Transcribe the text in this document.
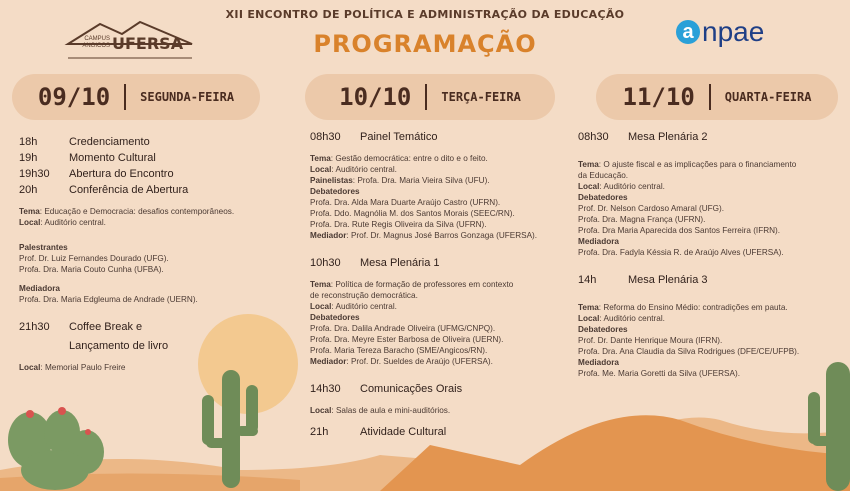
XII ENCONTRO DE POLÍTICA E ADMINISTRAÇÃO DA EDUCAÇÃO
PROGRAMAÇÃO
CAMPUS
ANGICOS UFERSA
a npae
09/10	SEGUNDA-FEIRA	10/10	TERÇA-FEIRA	11/10	QUARTA-FEIRA
18h	Credenciamento
19h	Momento Cultural
19h30	Abertura do Encontro
20h	Conferência de Abertura
Tema: Educação e Democracia: desafios contemporâneos.
Local: Auditório central.
Palestrantes
Prof. Dr. Luiz Fernandes Dourado (UFG).
Profa. Dra. Maria Couto Cunha (UFBA).
Mediadora
Profa. Dra. Maria Edgleuma de Andrade (UERN).
21h30	Coffee Break e
Lançamento de livro
Local: Memorial Paulo Freire
08h30	Painel Temático
Tema: Gestão democrática: entre o dito e o feito.
Local: Auditório central.
Painelistas: Profa. Dra. Maria Vieira Silva (UFU).
Debatedores
Profa. Dra. Alda Mara Duarte Araújo Castro (UFRN).
Profa. Ddo. Magnólia M. dos Santos Morais (SEEC/RN).
Profa. Dra. Rute Regis Oliveira da Silva (UFRN).
Mediador: Prof. Dr. Magnus José Barros Gonzaga (UFERSA).
10h30	Mesa Plenária 1
Tema: Política de formação de professores em contexto
de reconstrução democrática.
Local: Auditório central.
Debatedores
Profa. Dra. Dalila Andrade Oliveira (UFMG/CNPQ).
Profa. Dra. Meyre Ester Barbosa de Oliveira (UERN).
Profa. Maria Tereza Baracho (SME/Angicos/RN).
Mediador: Prof. Dr. Sueldes de Araújo (UFERSA).
14h30	Comunicações Orais
Local: Salas de aula e mini-auditórios.
21h	Atividade Cultural
08h30	Mesa Plenária 2
Tema: O ajuste fiscal e as implicações para o financiamento
da Educação.
Local: Auditório central.
Debatedores
Prof. Dr. Nelson Cardoso Amaral (UFG).
Profa. Dra. Magna França (UFRN).
Profa. Dra Maria Aparecida dos Santos Ferreira (IFRN).
Mediadora
Profa. Dra. Fadyla Késsia R. de Araújo Alves (UFERSA).
14h	Mesa Plenária 3
Tema: Reforma do Ensino Médio: contradições em pauta.
Local: Auditório central.
Debatedores
Prof. Dr. Dante Henrique Moura (IFRN).
Profa. Dra. Ana Claudia da Silva Rodrigues (DFE/CE/UFPB).
Mediadora
Profa. Me. Maria Goretti da Silva (UFERSA).
